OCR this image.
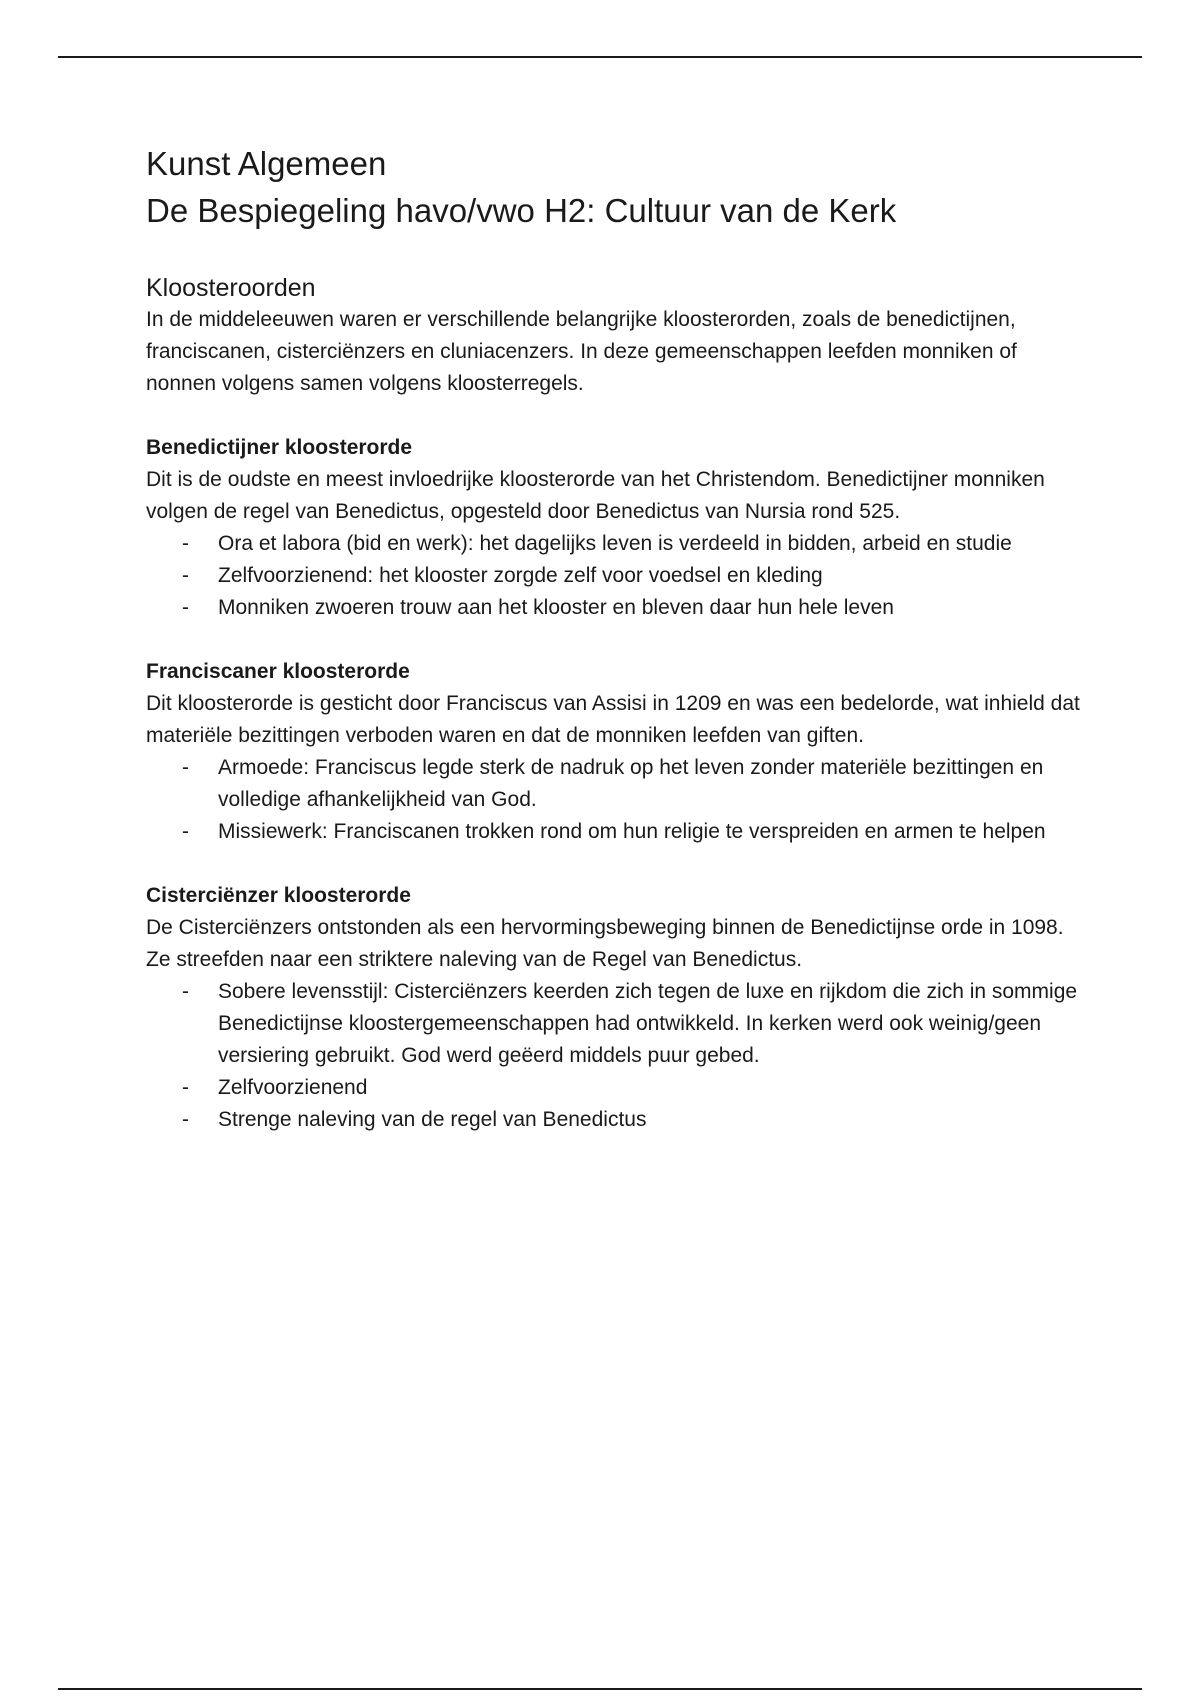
Kunst Algemeen
De Bespiegeling havo/vwo H2: Cultuur van de Kerk
Kloosteroorden

In de middeleeuwen waren er verschillende belangrijke kloosterorden, zoals de benedictijnen, franciscanen, cisterciënzers en cluniacenzers. In deze gemeenschappen leefden monniken of nonnen volgens samen volgens kloosterregels.

Benedictijner kloosterorde

Dit is de oudste en meest invloedrijke kloosterorde van het Christendom. Benedictijner monniken volgen de regel van Benedictus, opgesteld door Benedictus van Nursia rond 525.

- Ora et labora (bid en werk): het dagelijks leven is verdeeld in bidden, arbeid en studie
- Zelfvoorzienend: het klooster zorgde zelf voor voedsel en kleding
- Monniken zwoeren trouw aan het klooster en bleven daar hun hele leven
Franciscaner kloosterorde

Dit kloosterorde is gesticht door Franciscus van Assisi in 1209 en was een bedelorde, wat inhield dat materiële bezittingen verboden waren en dat de monniken leefden van giften.

- Armoede: Franciscus legde sterk de nadruk op het leven zonder materiële bezittingen en volledige afhankelijkheid van God.
- Missiewerk: Franciscanen trokken rond om hun religie te verspreiden en armen te helpen
Cisterciënzer kloosterorde

De Cisterciënzers ontstonden als een hervormingsbeweging binnen de Benedictijnse orde in 1098. Ze streefden naar een striktere naleving van de Regel van Benedictus.

- Sobere levensstijl: Cisterciënzers keerden zich tegen de luxe en rijkdom die zich in sommige Benedictijnse kloostergemeenschappen had ontwikkeld. In kerken werd ook weinig/geen versiering gebruikt. God werd geëerd middels puur gebed.
- Zelfvoorzienend
- Strenge naleving van de regel van Benedictus
